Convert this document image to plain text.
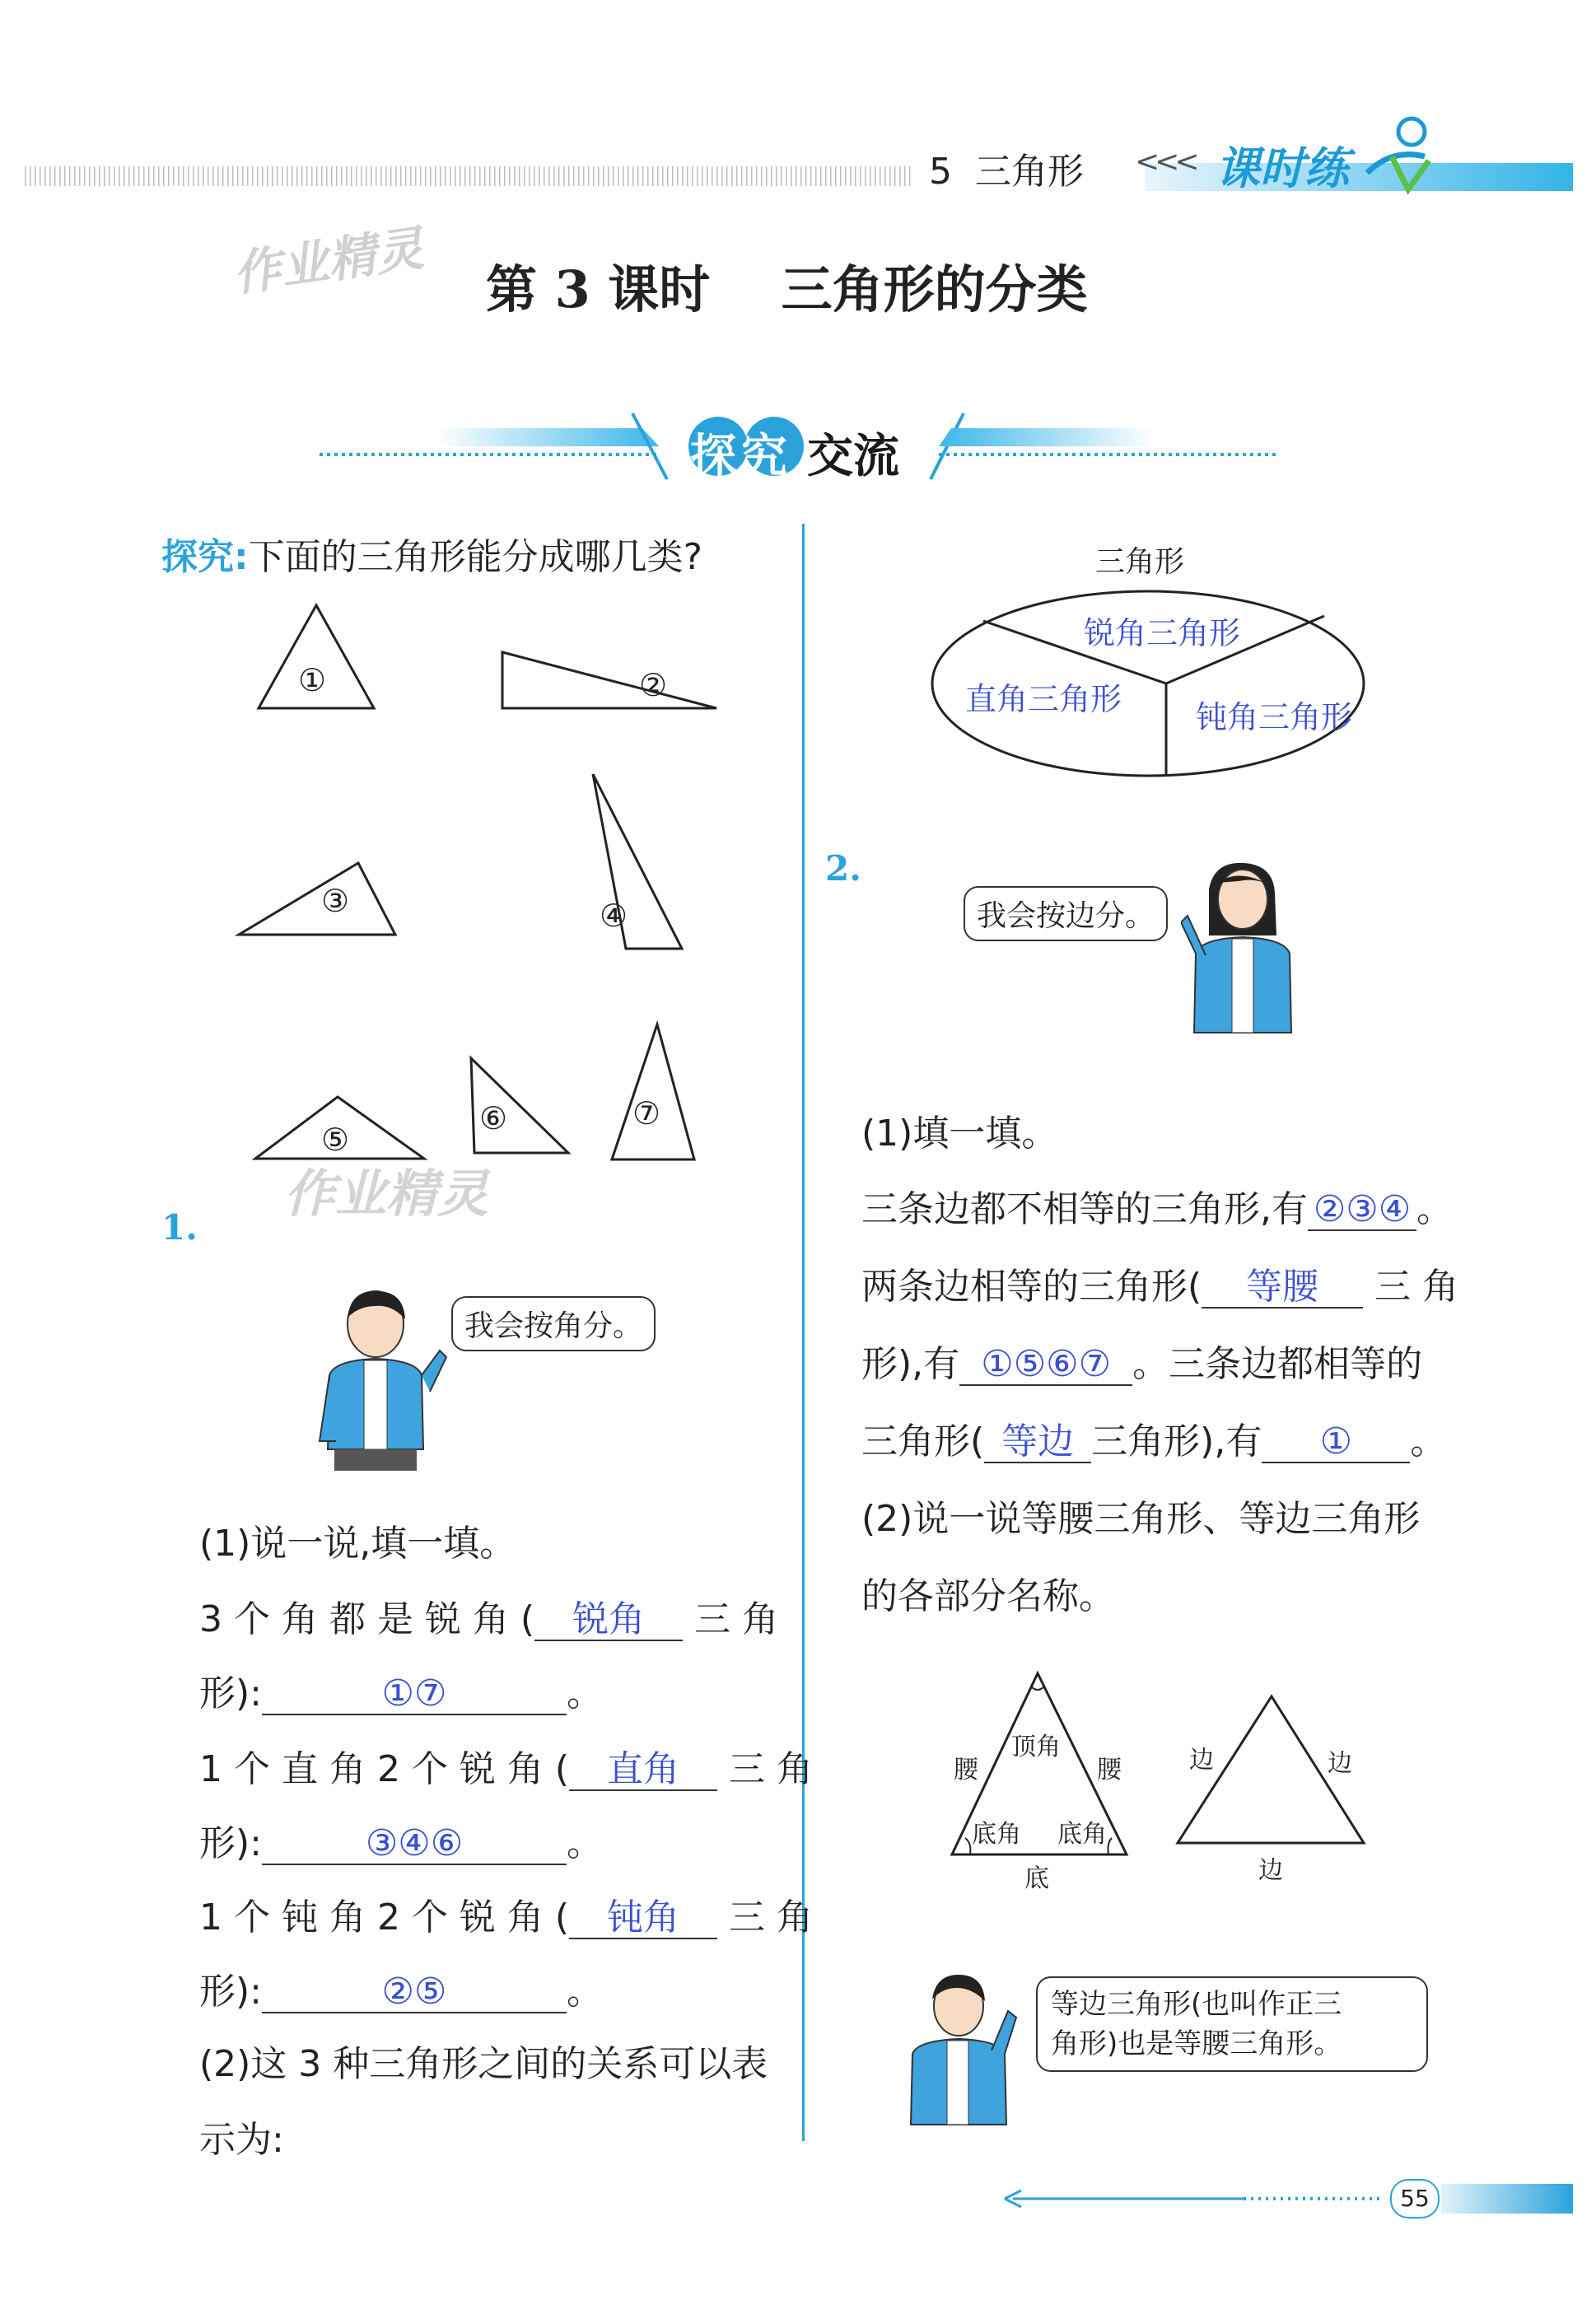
5  三角形 <<< 课时练
作业精灵
作业精灵
第 3 课时    三角形的分类
探究 交流
探究:下面的三角形能分成哪几类?
①	②
③	④
⑤
⑥	⑦
1.
我会按角分。
(1)说一说,填一填。
3 个 角 都 是 锐 角 ( 锐角 三 角
形):	①⑦	。
1 个 直 角 2 个 锐 角 ( 直角 三 角
形):	③④⑥	。
1 个 钝 角 2 个 锐 角 ( 钝角 三 角
形):	②⑤	。
(2)这 3 种三角形之间的关系可以表
示为:
三角形
锐角三角形
直角三角形 钝角三角形
2.
我会按边分。
(1)填一填。
三条边都不相等的三角形,有 ②③④ 。
两条边相等的三角形( 等腰 三 角
形),有 ①⑤⑥⑦ 。三条边都相等的
三角形( 等边 三角形),有 ① 。
(2)说一说等腰三角形、等边三角形
的各部分名称。
顶角
腰	腰
底角 底角
底
边	边
边
等边三角形(也叫作正三
角形)也是等腰三角形。
55
